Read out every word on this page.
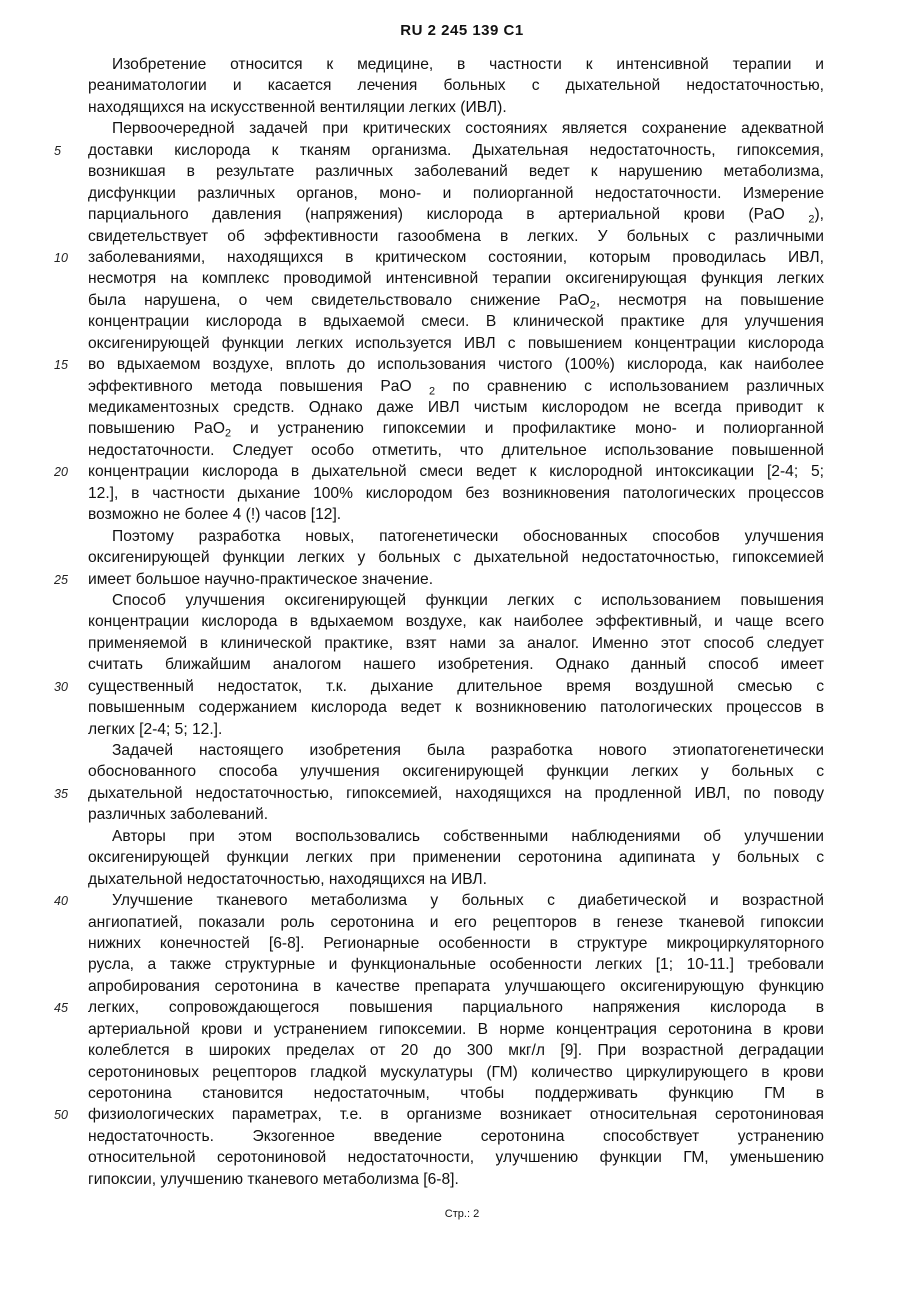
RU 2 245 139 C1
Изобретение относится к медицине, в частности к интенсивной терапии и
реаниматологии и касается лечения больных с дыхательной недостаточностью,
находящихся на искусственной вентиляции легких (ИВЛ).
Первоочередной задачей при критических состояниях является сохранение адекватной
доставки кислорода к тканям организма. Дыхательная недостаточность, гипоксемия,
5
возникшая в результате различных заболеваний ведет к нарушению метаболизма,
дисфункции различных органов, моно- и полиорганной недостаточности. Измерение
парциального давления (напряжения) кислорода в артериальной крови (PaO $_2$),
свидетельствует об эффективности газообмена в легких. У больных с различными
заболеваниями, находящихся в критическом состоянии, которым проводилась ИВЛ,
10
несмотря на комплекс проводимой интенсивной терапии оксигенирующая функция легких
была нарушена, о чем свидетельствовало снижение PaO$_2$, несмотря на повышение
концентрации кислорода в вдыхаемой смеси. В клинической практике для улучшения
оксигенирующей функции легких используется ИВЛ с повышением концентрации кислорода
во вдыхаемом воздухе, вплоть до использования чистого (100%) кислорода, как наиболее
15
эффективного метода повышения PaO $_2$ по сравнению с использованием различных
медикаментозных средств. Однако даже ИВЛ чистым кислородом не всегда приводит к
повышению PaO$_2$ и устранению гипоксемии и профилактике моно- и полиорганной
недостаточности. Следует особо отметить, что длительное использование повышенной
концентрации кислорода в дыхательной смеси ведет к кислородной интоксикации [2-4; 5;
20
12.], в частности дыхание 100% кислородом без возникновения патологических процессов
возможно не более 4 (!) часов [12].
Поэтому разработка новых, патогенетически обоснованных способов улучшения
оксигенирующей функции легких у больных с дыхательной недостаточностью, гипоксемией
имеет большое научно-практическое значение.
25
Способ улучшения оксигенирующей функции легких с использованием повышения
концентрации кислорода в вдыхаемом воздухе, как наиболее эффективный, и чаще всего
применяемой в клинической практике, взят нами за аналог. Именно этот способ следует
считать ближайшим аналогом нашего изобретения. Однако данный способ имеет
существенный недостаток, т.к. дыхание длительное время воздушной смесью с
30
повышенным содержанием кислорода ведет к возникновению патологических процессов в
легких [2-4; 5; 12.].
Задачей настоящего изобретения была разработка нового этиопатогенетически
обоснованного способа улучшения оксигенирующей функции легких у больных с
дыхательной недостаточностью, гипоксемией, находящихся на продленной ИВЛ, по поводу
35
различных заболеваний.
Авторы при этом воспользовались собственными наблюдениями об улучшении
оксигенирующей функции легких при применении серотонина адипината у больных с
дыхательной недостаточностью, находящихся на ИВЛ.
Улучшение тканевого метаболизма у больных с диабетической и возрастной
40
ангиопатией, показали роль серотонина и его рецепторов в генезе тканевой гипоксии
нижних конечностей [6-8]. Регионарные особенности в структуре микроциркуляторного
русла, а также структурные и функциональные особенности легких [1; 10-11.] требовали
апробирования серотонина в качестве препарата улучшающего оксигенирующую функцию
легких, сопровождающегося повышения парциального напряжения кислорода в
45
артериальной крови и устранением гипоксемии. В норме концентрация серотонина в крови
колеблется в широких пределах от 20 до 300 мкг/л [9]. При возрастной деградации
серотониновых рецепторов гладкой мускулатуры (ГМ) количество циркулирующего в крови
серотонина становится недостаточным, чтобы поддерживать функцию ГМ в
физиологических параметрах, т.е. в организме возникает относительная серотониновая
50
недостаточность. Экзогенное введение серотонина способствует устранению
относительной серотониновой недостаточности, улучшению функции ГМ, уменьшению
гипоксии, улучшению тканевого метаболизма [6-8].
Стр.: 2
